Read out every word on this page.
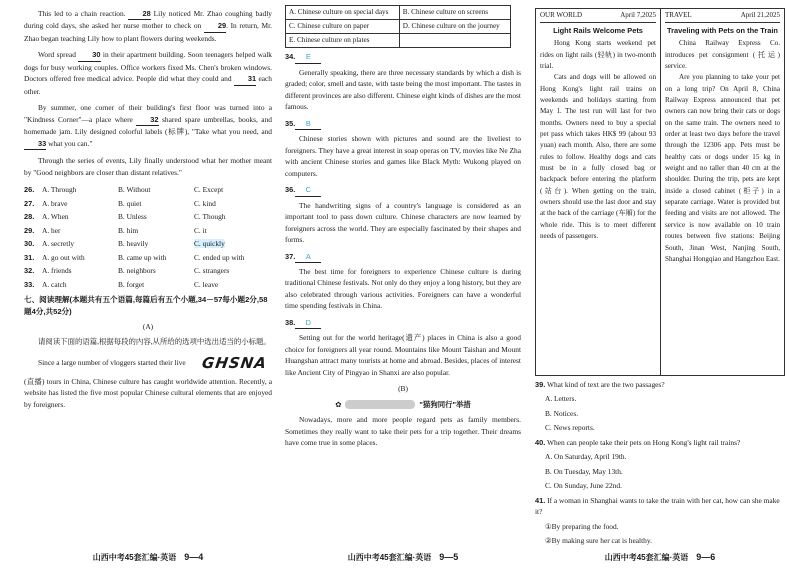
This led to a chain reaction. 28 Lily noticed Mr. Zhao coughing badly during cold days, she asked her nurse mother to check on 29. In return, Mr. Zhao began teaching Lily how to plant flowers during weekends.

Word spread 30 in their apartment building. Soon teenagers helped walk dogs for busy working couples. Office workers fixed Ms. Chen's broken windows. Doctors offered free medical advice. People did what they could and 31 each other.

By summer, one corner of their building's first floor was turned into a "Kindness Corner"—a place where 32 shared spare umbrellas, books, and homemade jam. Lily designed colorful labels (标牌), "Take what you need, and 33 what you can."

Through the series of events, Lily finally understood what her mother meant by "Good neighbors are closer than distant relatives."

26.	A. Through	B. Without	C. Except
27.	A. brave	B. quiet	C. kind
28.	A. When	B. Unless	C. Though
29.	A. her	B. him	C. it
30.	A. secretly	B. heavily	C. quickly
31.	A. go out with	B. came up with	C. ended up with
32.	A. friends	B. neighbors	C. strangers
33.	A. catch	B. forget	C. leave
七、阅读理解(本题共有五个语篇,每篇后有五个小题,34－57每小题2分,58题4分,共52分)
(A)

请阅读下面的语篇,根据每段的内容,从所给的选项中选出适当的小标题。

Since a large number of vloggers started their live GHSNA

(直播) tours in China, Chinese culture has caught worldwide attention. Recently, a website has listed the five most popular Chinese cultural elements that are enjoyed by foreigners.

山西中考45套汇编·英语 9—4
A. Chinese culture on special days	B. Chinese culture on screens
C. Chinese culture on paper	D. Chinese culture on the journey
E. Chinese culture on plates	
34. E

Generally speaking, there are three necessary standards by which a dish is graded; color, smell and taste, with taste being the most important. The tastes in different provinces are also different. Chinese eight kinds of dishes are the most famous.

35. B

Chinese stories shown with pictures and sound are the liveliest to foreigners. They have a great interest in soap operas on TV, movies like Ne Zha with ancient Chinese stories and games like Black Myth: Wukong played on computers.

36. C

The handwriting signs of a country's language is considered as an important tool to pass down culture. Chinese characters are now learned by foreigners across the world. They are especially fascinated by their shapes and forms.

37. A

The best time for foreigners to experience Chinese culture is during traditional Chinese festivals. Not only do they enjoy a long history, but they are also celebrated through various activities. Foreigners can have a wonderful time spending festivals in China.

38. D

Setting out for the world heritage(遗产) places in China is also a good choice for foreigners all year round. Mountains like Mount Taishan and Mount Huangshan attract many tourists at home and abroad. Besides, places of interest like Ancient City of Pingyao in Shanxi are also popular.

(B)
✿	"猫狗同行"举措

Nowadays, more and more people regard pets as family members. Sometimes they really want to take their pets for a trip together. Their dreams have come true in some places.

山西中考45套汇编·英语 9—5
OUR WORLD	April 7,2025
Light Rails Welcome Pets

Hong Kong starts weekend pet rides on light rails (轻轨) in two-month trial.

Cats and dogs will be allowed on Hong Kong's light rail trains on weekends and holidays starting from May 1. The test run will last for two months. Owners need to buy a special pet pass which takes HK$ 99 (about 93 yuan) each month. Also, there are some rules to follow. Healthy dogs and cats must be in a fully closed bag or backpack before entering the platform (站台). When getting on the train, owners should use the last door and stay at the back of the carriage (车厢) for the whole ride. This is to meet different needs of passengers.

TRAVEL	April 21,2025
Traveling with Pets on the Train

China Railway Express Co. introduces pet consignment (托运) service.

Are you planning to take your pet on a long trip? On April 8, China Railway Express announced that pet owners can now bring their cats or dogs on the same train. The owners need to order at least two days before the travel through the 12306 app. Pets must be healthy cats or dogs under 15 kg in weight and no taller than 40 cm at the shoulder. During the trip, pets are kept inside a closed cabinet (柜子) in a separate carriage. Water is provided but feeding and visits are not allowed. The service is now available on 10 train routes between five stations: Beijing South, Jinan West, Nanjing South, Shanghai Hongqiao and Hangzhou East.

39. What kind of text are the two passages?
A. Letters.
B. Notices.
C. News reports.
40. When can people take their pets on Hong Kong's light rail trains?
A. On Saturday, April 19th.
B. On Tuesday, May 13th.
C. On Sunday, June 22nd.
41. If a woman in Shanghai wants to take the train with her cat, how can she make it?
①By preparing the food.
②By making sure her cat is healthy.
山西中考45套汇编·英语 9—6
